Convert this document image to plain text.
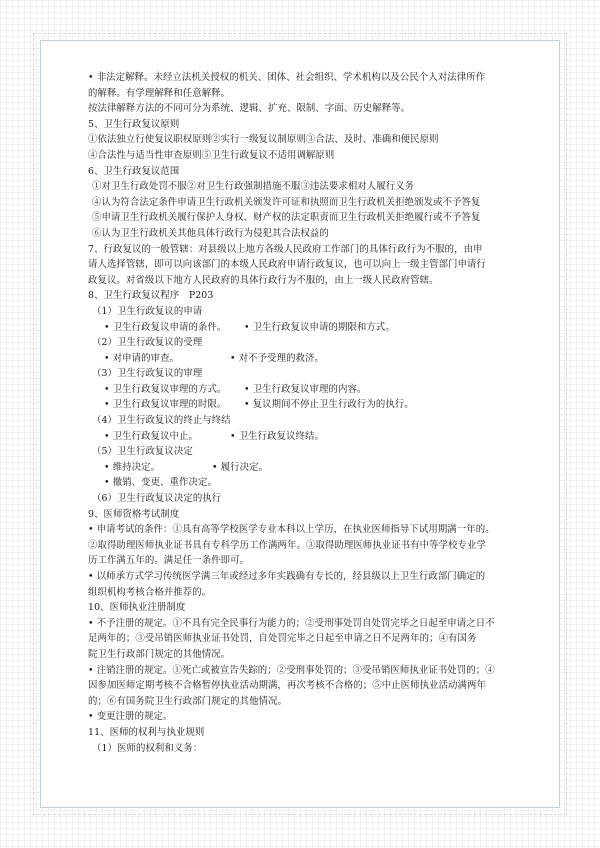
• 非法定解释。未经立法机关授权的机关、团体、社会组织、学术机构以及公民个人对法律所作

的解释。有学理解释和任意解释。

按法律解释方法的不同可分为系统、逻辑、扩充、限制、字面、历史解释等。

5、卫生行政复议原则

①依法独立行使复议职权原则②实行一级复议制原则③合法、及时、准确和便民原则

④合法性与适当性审查原则⑤卫生行政复议不适用调解原则

6、卫生行政复议范围

①对卫生行政处罚不服②对卫生行政强制措施不服③违法要求相对人履行义务

④认为符合法定条件申请卫生行政机关颁发许可证和执照而卫生行政机关拒绝颁发或不予答复

⑤申请卫生行政机关履行保护人身权、财产权的法定职责而卫生行政机关拒绝履行或不予答复

⑥认为卫生行政机关其他具体行政行为侵犯其合法权益的

7、行政复议的一般管辖：对县级以上地方各级人民政府工作部门的具体行政行为不服的，由申

请人选择管辖，即可以向该部门的本级人民政府申请行政复议，也可以向上一级主管部门申请行

政复议。对省级以下地方人民政府的具体行政行为不服的，由上一级人民政府管辖。

8、卫生行政复议程序　P203

（1）卫生行政复议的申请

• 卫生行政复议申请的条件。	• 卫生行政复议申请的期限和方式。

（2）卫生行政复议的受理

• 对申请的审查。	• 对不予受理的救济。

（3）卫生行政复议的审理

• 卫生行政复议审理的方式。	• 卫生行政复议审理的内容。
• 卫生行政复议审理的时限。	• 复议期间不停止卫生行政行为的执行。

（4）卫生行政复议的终止与终结

• 卫生行政复议中止。	• 卫生行政复议终结。

（5）卫生行政复议决定

• 维持决定。	• 履行决定。

• 撤销、变更、重作决定。

（6）卫生行政复议决定的执行

9、医师资格考试制度

• 申请考试的条件：①具有高等学校医学专业本科以上学历，在执业医师指导下试用期满一年的。

②取得助理医师执业证书具有专科学历工作满两年。③取得助理医师执业证书有中等学校专业学

历工作满五年的。满足任一条件即可。

• 以师承方式学习传统医学满三年或经过多年实践确有专长的，经县级以上卫生行政部门确定的

组织机构考核合格并推荐的。

10、医师执业注册制度

• 不予注册的规定。①不具有完全民事行为能力的；②受刑事处罚自处罚完毕之日起至申请之日不

足两年的；③受吊销医师执业证书处罚，自处罚完毕之日起至申请之日不足两年的；④有国务

院卫生行政部门规定的其他情况。

• 注销注册的规定。①死亡或被宣告失踪的；②受刑事处罚的；③受吊销医师执业证书处罚的；④

因参加医师定期考核不合格暂停执业活动期满，再次考核不合格的；⑤中止医师执业活动满两年

的；⑥有国务院卫生行政部门规定的其他情况。

• 变更注册的规定。

11、医师的权利与执业规则

（1）医师的权利和义务：
